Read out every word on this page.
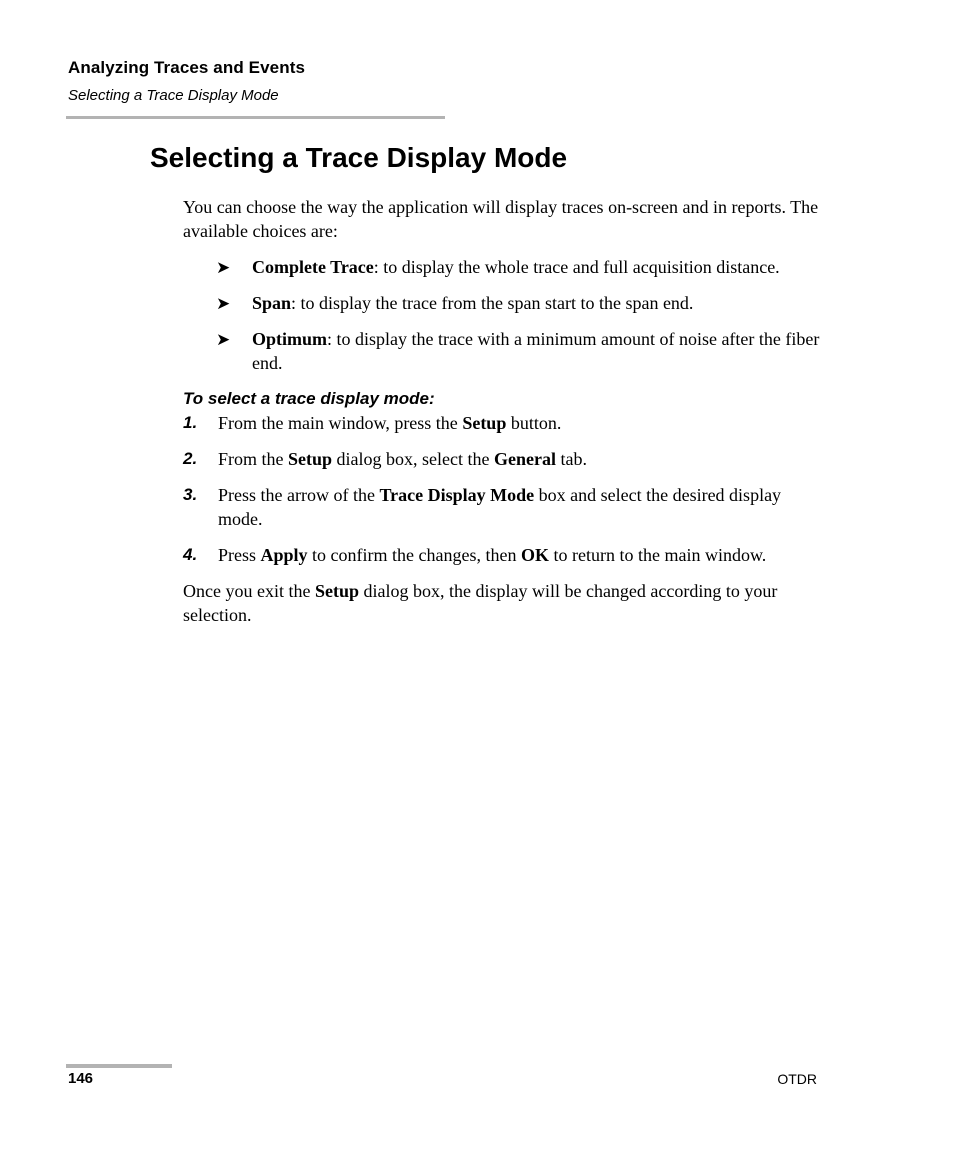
Analyzing Traces and Events
Selecting a Trace Display Mode
Selecting a Trace Display Mode

You can choose the way the application will display traces on-screen and in reports. The available choices are:

➤ Complete Trace: to display the whole trace and full acquisition distance.
➤ Span: to display the trace from the span start to the span end.
➤ Optimum: to display the trace with a minimum amount of noise after the fiber end.

To select a trace display mode:

1. From the main window, press the Setup button.
2. From the Setup dialog box, select the General tab.
3. Press the arrow of the Trace Display Mode box and select the desired display mode.
4. Press Apply to confirm the changes, then OK to return to the main window.

Once you exit the Setup dialog box, the display will be changed according to your selection.

146	OTDR
